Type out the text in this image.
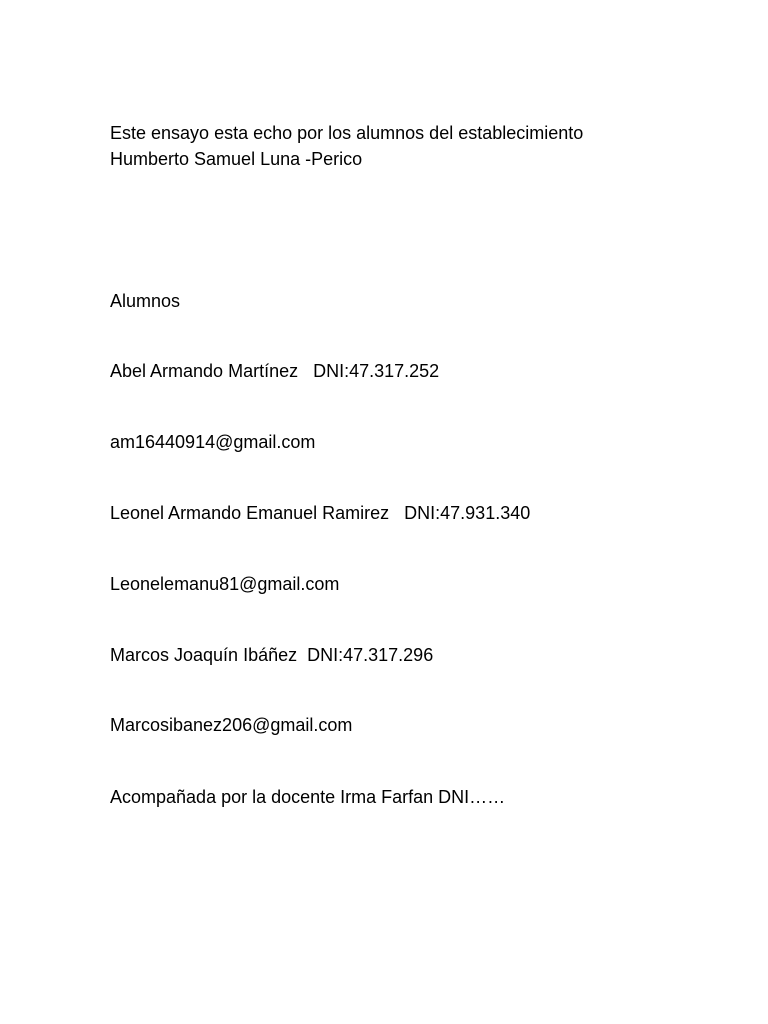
Este ensayo esta echo por los alumnos del establecimiento
Humberto Samuel Luna -Perico

Alumnos

Abel Armando Martínez   DNI:47.317.252

am16440914@gmail.com

Leonel Armando Emanuel Ramirez   DNI:47.931.340

Leonelemanu81@gmail.com

Marcos Joaquín Ibáñez  DNI:47.317.296

Marcosibanez206@gmail.com

Acompañada por la docente Irma Farfan DNI……
